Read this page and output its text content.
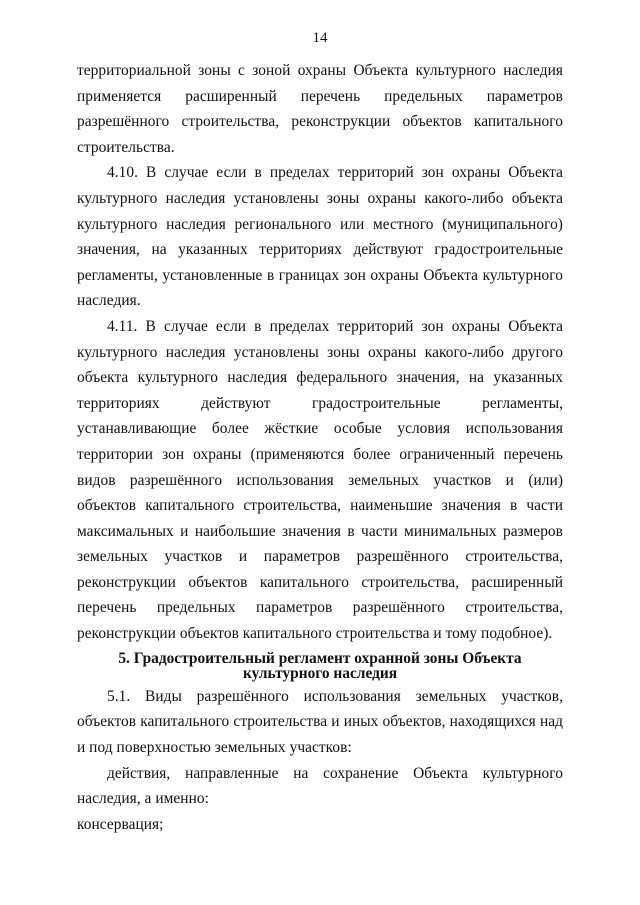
14

территориальной зоны с зоной охраны Объекта культурного наследия применяется расширенный перечень предельных параметров разрешённого строительства, реконструкции объектов капитального строительства.

4.10. В случае если в пределах территорий зон охраны Объекта культурного наследия установлены зоны охраны какого-либо объекта культурного наследия регионального или местного (муниципального) значения, на указанных территориях действуют градостроительные регламенты, установленные в границах зон охраны Объекта культурного наследия.

4.11. В случае если в пределах территорий зон охраны Объекта культурного наследия установлены зоны охраны какого-либо другого объекта культурного наследия федерального значения, на указанных территориях действуют градостроительные регламенты, устанавливающие более жёсткие особые условия использования территории зон охраны (применяются более ограниченный перечень видов разрешённого использования земельных участков и (или) объектов капитального строительства, наименьшие значения в части максимальных и наибольшие значения в части минимальных размеров земельных участков и параметров разрешённого строительства, реконструкции объектов капитального строительства, расширенный перечень предельных параметров разрешённого строительства, реконструкции объектов капитального строительства и тому подобное).

5. Градостроительный регламент охранной зоны Объекта культурного наследия

5.1. Виды разрешённого использования земельных участков, объектов капитального строительства и иных объектов, находящихся над и под поверхностью земельных участков:

действия, направленные на сохранение Объекта культурного наследия, а именно:

консервация;
